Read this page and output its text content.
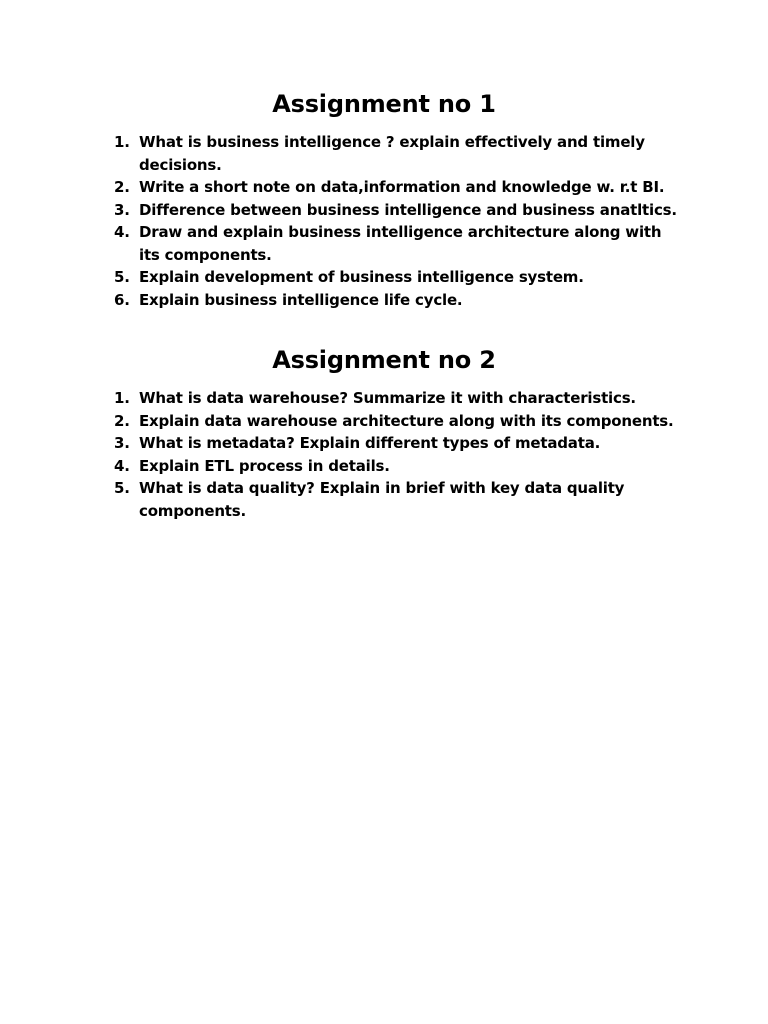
Assignment no 1
1. What is business intelligence ? explain effectively and timely decisions.
2. Write a short note on data,information and knowledge w. r.t BI.
3. Difference between business intelligence and business anatltics.
4. Draw and explain business intelligence architecture along with its components.
5. Explain development of business intelligence system.
6. Explain business intelligence life cycle.
Assignment no 2
1. What is data warehouse? Summarize it with characteristics.
2. Explain data warehouse architecture along with its components.
3. What is metadata? Explain different types of metadata.
4. Explain ETL process in details.
5. What is data quality? Explain in brief with key data quality components.
